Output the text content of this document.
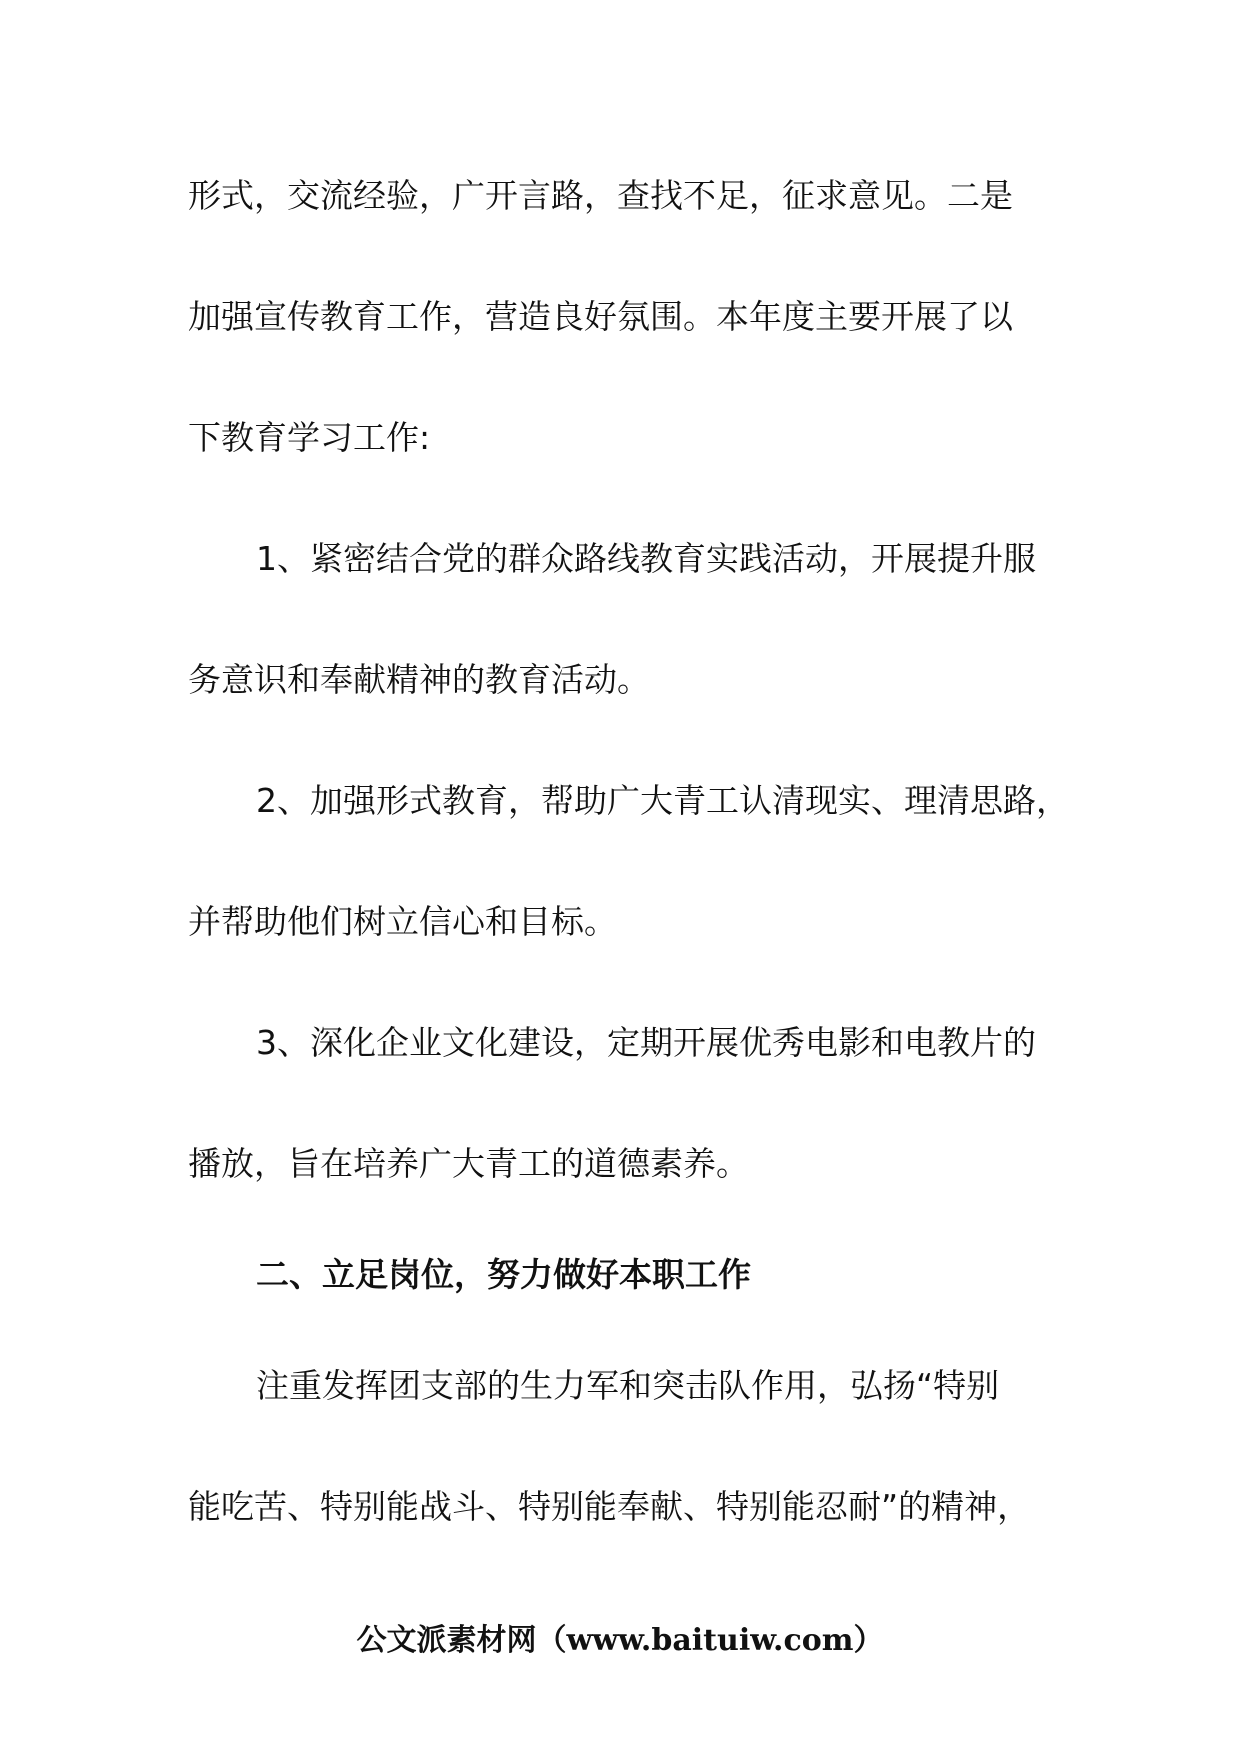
形式，交流经验，广开言路，查找不足，征求意见。二是
加强宣传教育工作，营造良好氛围。本年度主要开展了以
下教育学习工作:
1、紧密结合党的群众路线教育实践活动，开展提升服
务意识和奉献精神的教育活动。
2、加强形式教育，帮助广大青工认清现实、理清思路，
并帮助他们树立信心和目标。
3、深化企业文化建设，定期开展优秀电影和电教片的
播放，旨在培养广大青工的道德素养。
二、立足岗位，努力做好本职工作
注重发挥团支部的生力军和突击队作用，弘扬“特别
能吃苦、特别能战斗、特别能奉献、特别能忍耐”的精神，
公文派素材网（www.baituiw.com）
